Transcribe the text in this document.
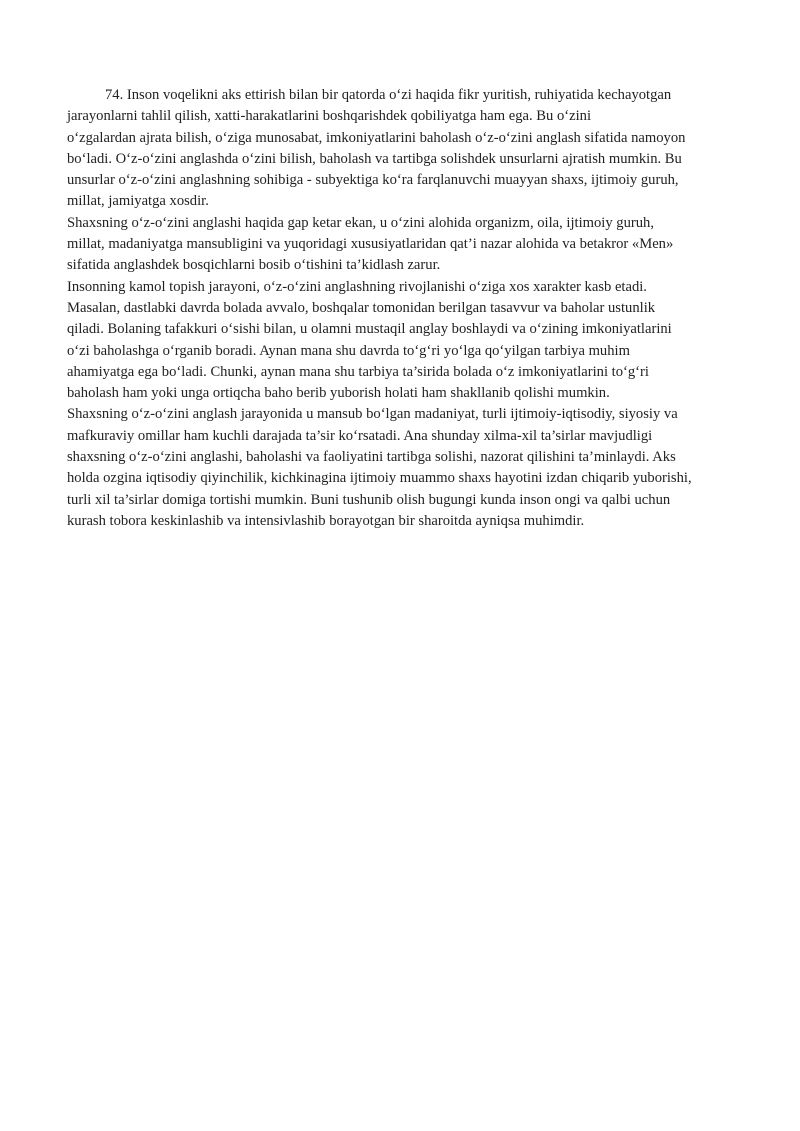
74. Inson voqelikni aks ettirish bilan bir qatorda o‘zi haqida fikr yuritish, ruhiyatida kechayotgan
jarayonlarni tahlil qilish, xatti-harakatlarini boshqarishdek qobiliyatga ham ega. Bu o‘zini
o‘zgalardan ajrata bilish, o‘ziga munosabat, imkoniyatlarini baholash o‘z-o‘zini anglash sifatida namoyon
bo‘ladi. O‘z-o‘zini anglashda o‘zini bilish, baholash va tartibga solishdek unsurlarni ajratish mumkin. Bu
unsurlar o‘z-o‘zini anglashning sohibiga - subyektiga ko‘ra farqlanuvchi muayyan shaxs, ijtimoiy guruh,
millat, jamiyatga xosdir.

Shaxsning o‘z-o‘zini anglashi haqida gap ketar ekan, u o‘zini alohida organizm, oila, ijtimoiy guruh,
millat, madaniyatga mansubligini va yuqoridagi xususiyatlaridan qat’i nazar alohida va betakror «Men»
sifatida anglashdek bosqichlarni bosib o‘tishini ta’kidlash zarur.

Insonning kamol topish jarayoni, o‘z-o‘zini anglashning rivojlanishi o‘ziga xos xarakter kasb etadi.
Masalan, dastlabki davrda bolada avvalo, boshqalar tomonidan berilgan tasavvur va baholar ustunlik
qiladi. Bolaning tafakkuri o‘sishi bilan, u olamni mustaqil anglay boshlaydi va o‘zining imkoniyatlarini
o‘zi baholashga o‘rganib boradi. Aynan mana shu davrda to‘g‘ri yo‘lga qo‘yilgan tarbiya muhim
ahamiyatga ega bo‘ladi. Chunki, aynan mana shu tarbiya ta’sirida bolada o‘z imkoniyatlarini to‘g‘ri
baholash ham yoki unga ortiqcha baho berib yuborish holati ham shakllanib qolishi mumkin.

Shaxsning o‘z-o‘zini anglash jarayonida u mansub bo‘lgan madaniyat, turli ijtimoiy-iqtisodiy, siyosiy va
mafkuraviy omillar ham kuchli darajada ta’sir ko‘rsatadi. Ana shunday xilma-xil ta’sirlar mavjudligi
shaxsning o‘z-o‘zini anglashi, baholashi va faoliyatini tartibga solishi, nazorat qilishini ta’minlaydi. Aks
holda ozgina iqtisodiy qiyinchilik, kichkinagina ijtimoiy muammo shaxs hayotini izdan chiqarib yuborishi,
turli xil ta’sirlar domiga tortishi mumkin. Buni tushunib olish bugungi kunda inson ongi va qalbi uchun
kurash tobora keskinlashib va intensivlashib borayotgan bir sharoitda ayniqsa muhimdir.
